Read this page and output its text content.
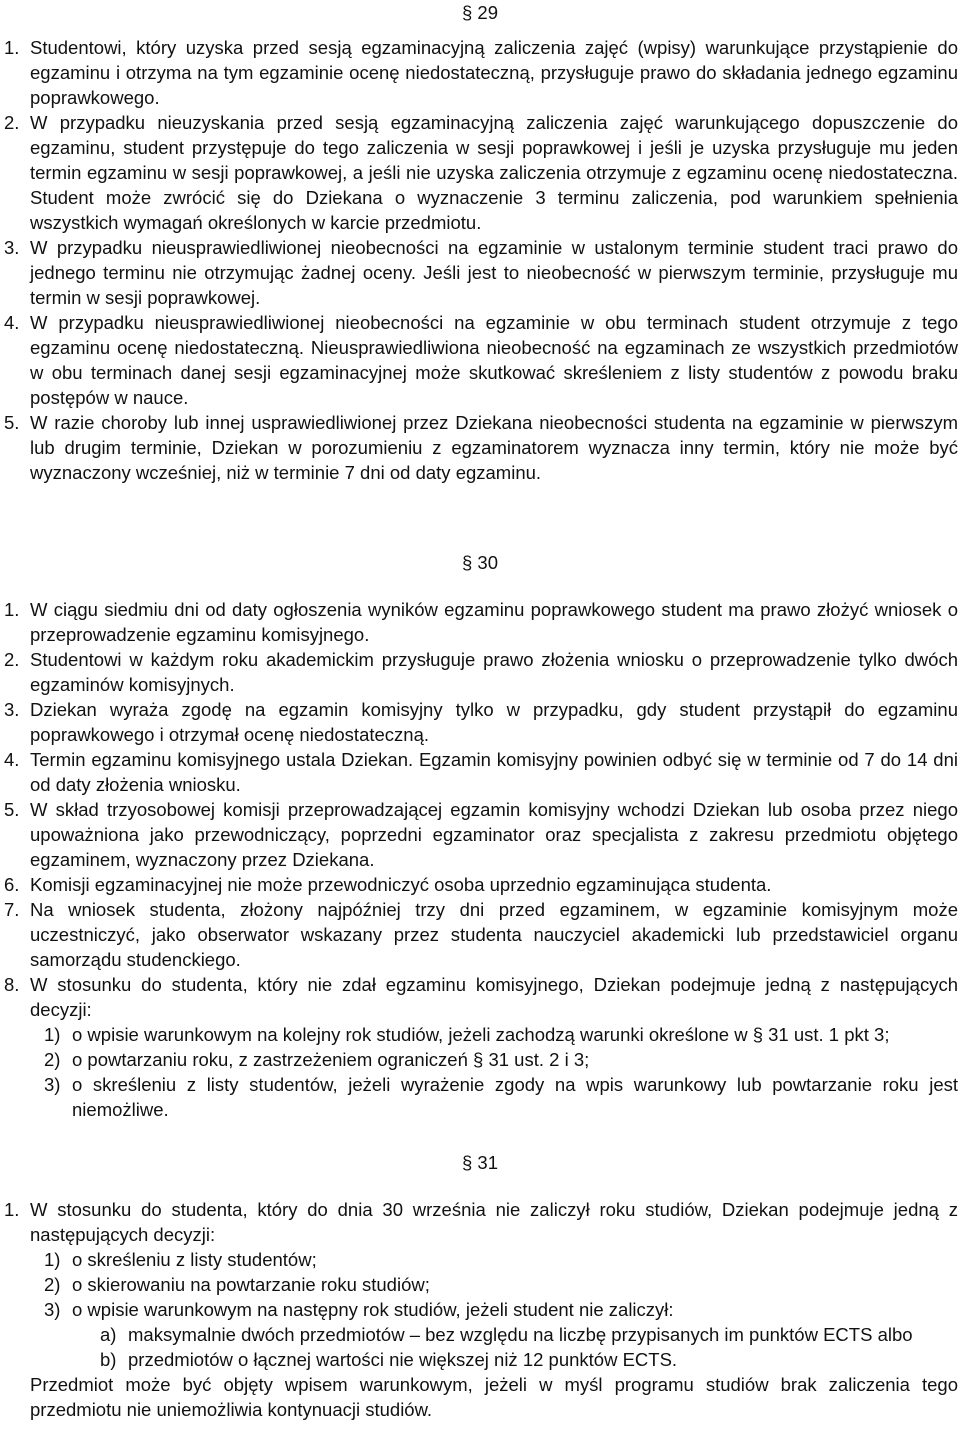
§ 29

1. Studentowi, który uzyska przed sesją egzaminacyjną zaliczenia zajęć (wpisy) warunkujące przystąpienie do egzaminu i otrzyma na tym egzaminie ocenę niedostateczną, przysługuje prawo do składania jednego egzaminu poprawkowego.

2. W przypadku nieuzyskania przed sesją egzaminacyjną zaliczenia zajęć warunkującego dopuszczenie do egzaminu, student przystępuje do tego zaliczenia w sesji poprawkowej i jeśli je uzyska przysługuje mu jeden termin egzaminu w sesji poprawkowej, a jeśli nie uzyska zaliczenia otrzymuje z egzaminu ocenę niedostateczna. Student może zwrócić się do Dziekana o wyznaczenie 3 terminu zaliczenia, pod warunkiem spełnienia wszystkich wymagań określonych w karcie przedmiotu.

3. W przypadku nieusprawiedliwionej nieobecności na egzaminie w ustalonym terminie student traci prawo do jednego terminu nie otrzymując żadnej oceny. Jeśli jest to nieobecność w pierwszym terminie, przysługuje mu termin w sesji poprawkowej.

4. W przypadku nieusprawiedliwionej nieobecności na egzaminie w obu terminach student otrzymuje z tego egzaminu ocenę niedostateczną. Nieusprawiedliwiona nieobecność na egzaminach ze wszystkich przedmiotów w obu terminach danej sesji egzaminacyjnej może skutkować skreśleniem z listy studentów z powodu braku postępów w nauce.

5. W razie choroby lub innej usprawiedliwionej przez Dziekana nieobecności studenta na egzaminie w pierwszym lub drugim terminie, Dziekan w porozumieniu z egzaminatorem wyznacza inny termin, który nie może być wyznaczony wcześniej, niż w terminie 7 dni od daty egzaminu.

§ 30

1. W ciągu siedmiu dni od daty ogłoszenia wyników egzaminu poprawkowego student ma prawo złożyć wniosek o przeprowadzenie egzaminu komisyjnego.

2. Studentowi w każdym roku akademickim przysługuje prawo złożenia wniosku o przeprowadzenie tylko dwóch egzaminów komisyjnych.

3. Dziekan wyraża zgodę na egzamin komisyjny tylko w przypadku, gdy student przystąpił do egzaminu poprawkowego i otrzymał ocenę niedostateczną.

4. Termin egzaminu komisyjnego ustala Dziekan. Egzamin komisyjny powinien odbyć się w terminie od 7 do 14 dni od daty złożenia wniosku.

5. W skład trzyosobowej komisji przeprowadzającej egzamin komisyjny wchodzi Dziekan lub osoba przez niego upoważniona jako przewodniczący, poprzedni egzaminator oraz specjalista z zakresu przedmiotu objętego egzaminem, wyznaczony przez Dziekana.

6. Komisji egzaminacyjnej nie może przewodniczyć osoba uprzednio egzaminująca studenta.

7. Na wniosek studenta, złożony najpóźniej trzy dni przed egzaminem, w egzaminie komisyjnym może uczestniczyć, jako obserwator wskazany przez studenta nauczyciel akademicki lub przedstawiciel organu samorządu studenckiego.

8. W stosunku do studenta, który nie zdał egzaminu komisyjnego, Dziekan podejmuje jedną z następujących decyzji:

1) o wpisie warunkowym na kolejny rok studiów, jeżeli zachodzą warunki określone w § 31 ust. 1 pkt 3;

2) o powtarzaniu roku, z zastrzeżeniem ograniczeń § 31 ust. 2 i 3;

3) o skreśleniu z listy studentów, jeżeli wyrażenie zgody na wpis warunkowy lub powtarzanie roku jest niemożliwe.

§ 31

1. W stosunku do studenta, który do dnia 30 września nie zaliczył roku studiów, Dziekan podejmuje jedną z następujących decyzji:

1) o skreśleniu z listy studentów;

2) o skierowaniu na powtarzanie roku studiów;

3) o wpisie warunkowym na następny rok studiów, jeżeli student nie zaliczył:

a) maksymalnie dwóch przedmiotów – bez względu na liczbę przypisanych im punktów ECTS albo

b) przedmiotów o łącznej wartości nie większej niż 12 punktów ECTS.

Przedmiot może być objęty wpisem warunkowym, jeżeli w myśl programu studiów brak zaliczenia tego przedmiotu nie uniemożliwia kontynuacji studiów.
